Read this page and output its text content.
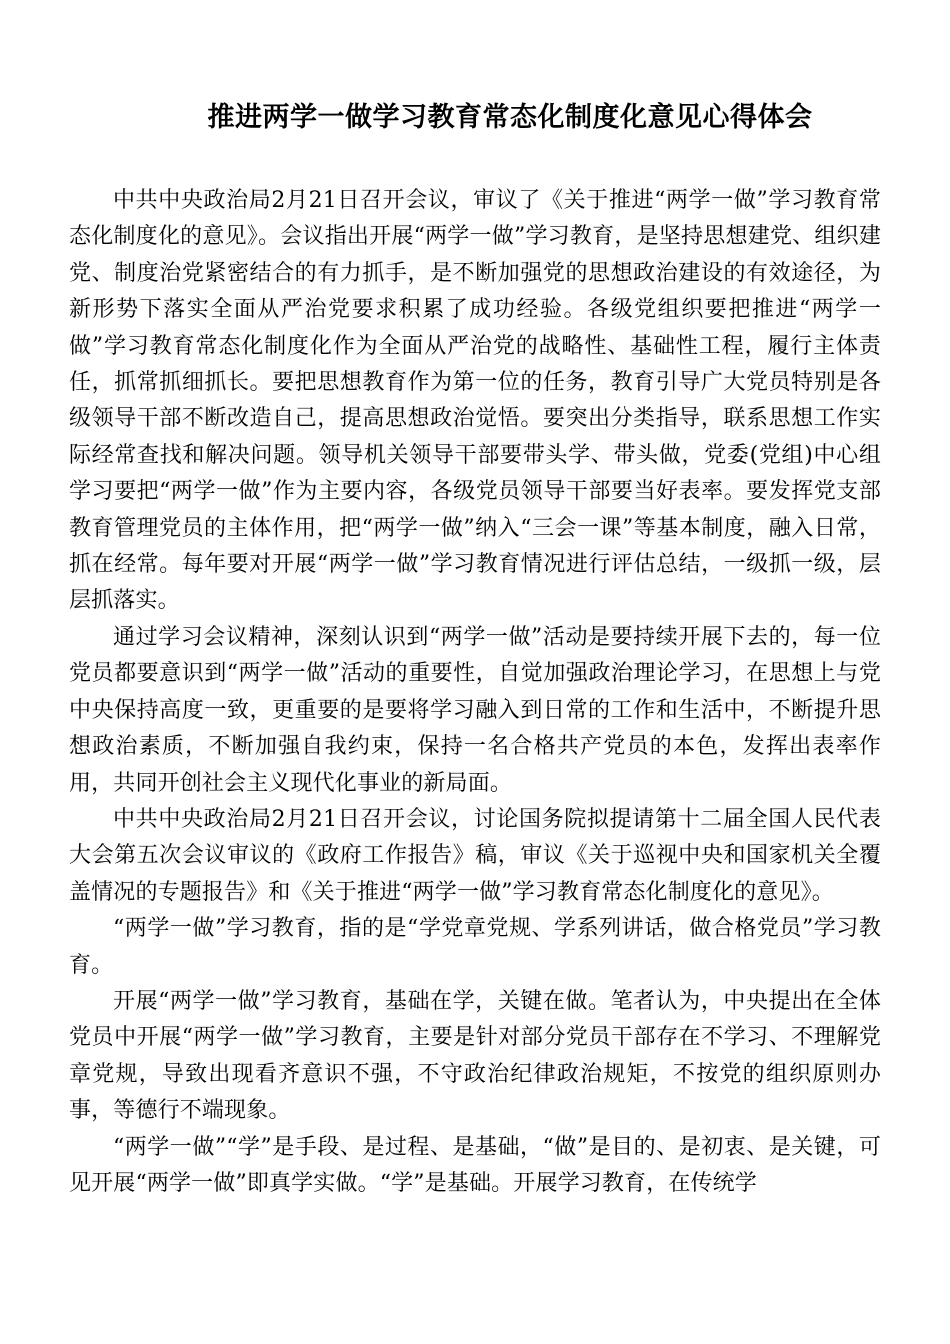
推进两学一做学习教育常态化制度化意见心得体会

中共中央政治局2月21日召开会议，审议了《关于推进“两学一做”学习教育常态化制度化的意见》。会议指出开展“两学一做”学习教育，是坚持思想建党、组织建党、制度治党紧密结合的有力抓手，是不断加强党的思想政治建设的有效途径，为新形势下落实全面从严治党要求积累了成功经验。各级党组织要把推进“两学一做”学习教育常态化制度化作为全面从严治党的战略性、基础性工程，履行主体责任，抓常抓细抓长。要把思想教育作为第一位的任务，教育引导广大党员特别是各级领导干部不断改造自己，提高思想政治觉悟。要突出分类指导，联系思想工作实际经常查找和解决问题。领导机关领导干部要带头学、带头做，党委(党组)中心组学习要把“两学一做”作为主要内容，各级党员领导干部要当好表率。要发挥党支部教育管理党员的主体作用，把“两学一做”纳入“三会一课”等基本制度，融入日常，抓在经常。每年要对开展“两学一做”学习教育情况进行评估总结，一级抓一级，层层抓落实。

通过学习会议精神，深刻认识到“两学一做”活动是要持续开展下去的，每一位党员都要意识到“两学一做”活动的重要性，自觉加强政治理论学习，在思想上与党中央保持高度一致，更重要的是要将学习融入到日常的工作和生活中，不断提升思想政治素质，不断加强自我约束，保持一名合格共产党员的本色，发挥出表率作用，共同开创社会主义现代化事业的新局面。

中共中央政治局2月21日召开会议，讨论国务院拟提请第十二届全国人民代表大会第五次会议审议的《政府工作报告》稿，审议《关于巡视中央和国家机关全覆盖情况的专题报告》和《关于推进“两学一做”学习教育常态化制度化的意见》。

“两学一做”学习教育，指的是“学党章党规、学系列讲话，做合格党员”学习教育。

开展“两学一做”学习教育，基础在学，关键在做。笔者认为，中央提出在全体党员中开展“两学一做”学习教育，主要是针对部分党员干部存在不学习、不理解党章党规，导致出现看齐意识不强，不守政治纪律政治规矩，不按党的组织原则办事，等德行不端现象。

“两学一做”“学”是手段、是过程、是基础，“做”是目的、是初衷、是关键，可见开展“两学一做”即真学实做。“学”是基础。开展学习教育，在传统学
